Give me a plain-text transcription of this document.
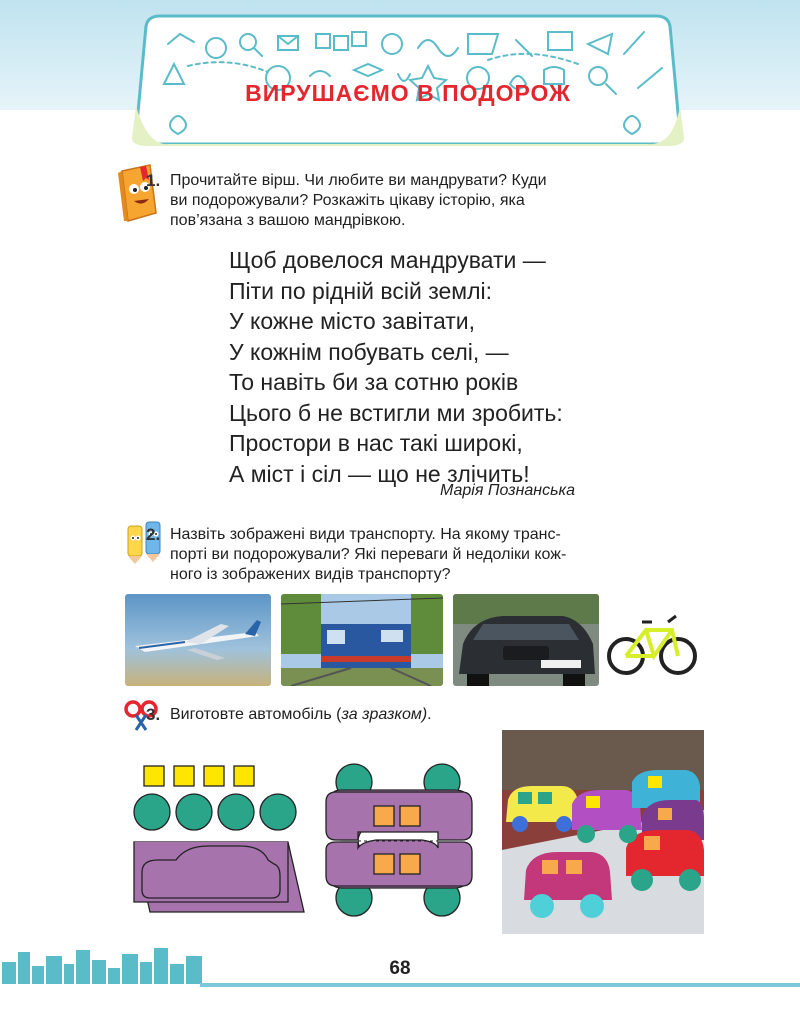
ВИРУШАЄМО В ПОДОРОЖ
1. Прочитайте вірш. Чи любите ви мандрувати? Куди
ви подорожували? Розкажіть цікаву історію, яка
пов’язана з вашою мандрівкою.
Щоб довелося мандрувати —
Піти по рідній всій землі:
У кожне місто завітати,
У кожнім побувать селі, —
То навіть би за сотню років
Цього б не встигли ми зробить:
Простори в нас такі широкі,
А міст і сіл — що не злічить!
Марія Познанська
2. Назвіть зображені види транспорту. На якому транс-
порті ви подорожували? Які переваги й недоліки кож-
ного із зображених видів транспорту?
3. Виготовте автомобіль (за зразком).
68
